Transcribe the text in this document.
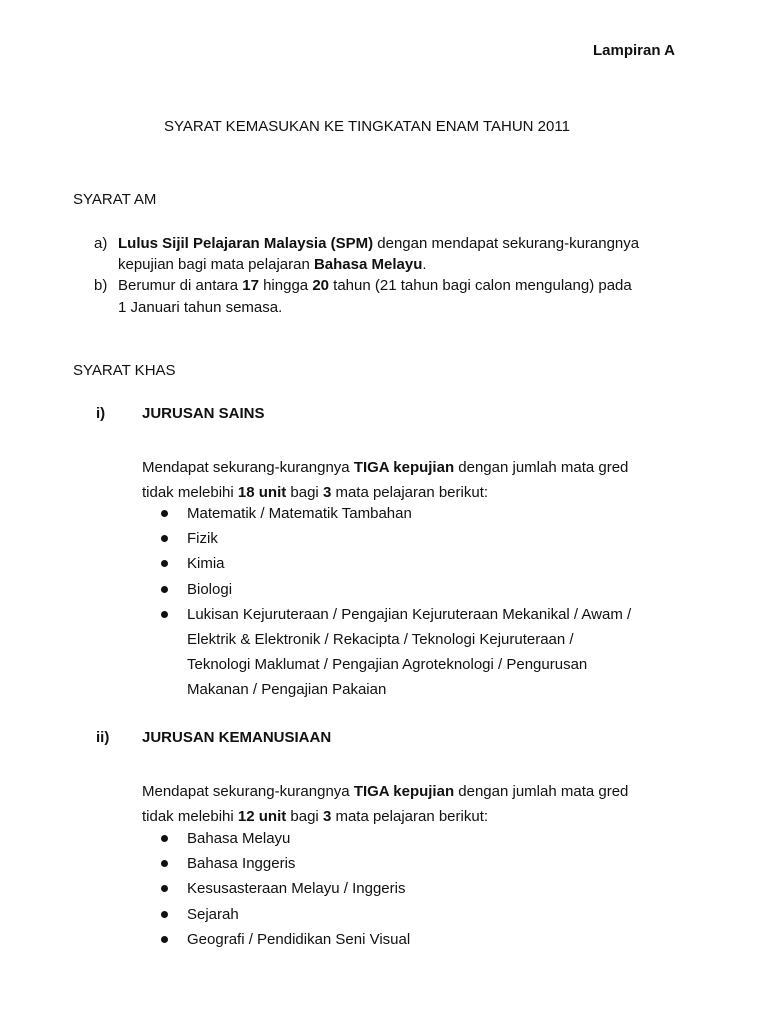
Lampiran A
SYARAT KEMASUKAN KE TINGKATAN ENAM TAHUN 2011
SYARAT AM
a) Lulus Sijil Pelajaran Malaysia (SPM) dengan mendapat sekurang-kurangnya
kepujian bagi mata pelajaran Bahasa Melayu.
b) Berumur di antara 17 hingga 20 tahun (21 tahun bagi calon mengulang) pada
1 Januari tahun semasa.
SYARAT KHAS
i) JURUSAN SAINS
Mendapat sekurang-kurangnya TIGA kepujian dengan jumlah mata gred
tidak melebihi 18 unit bagi 3 mata pelajaran berikut:
Matematik / Matematik Tambahan
Fizik
Kimia
Biologi
Lukisan Kejuruteraan / Pengajian Kejuruteraan Mekanikal / Awam /
Elektrik & Elektronik / Rekacipta / Teknologi Kejuruteraan /
Teknologi Maklumat / Pengajian Agroteknologi / Pengurusan
Makanan / Pengajian Pakaian
ii) JURUSAN KEMANUSIAAN
Mendapat sekurang-kurangnya TIGA kepujian dengan jumlah mata gred
tidak melebihi 12 unit bagi 3 mata pelajaran berikut:
Bahasa Melayu
Bahasa Inggeris
Kesusasteraan Melayu / Inggeris
Sejarah
Geografi / Pendidikan Seni Visual
